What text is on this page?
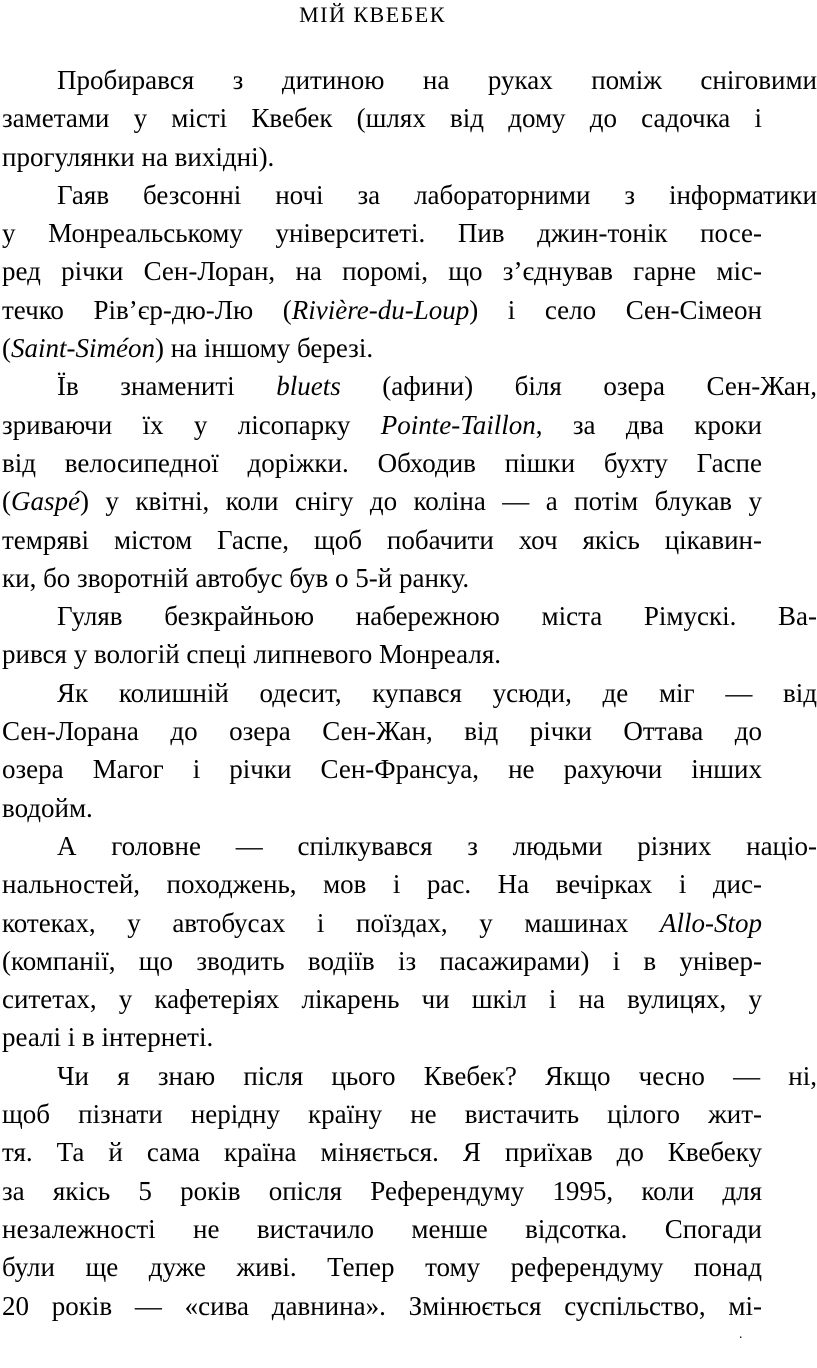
МІЙ КВЕБЕК
Пробирався з дитиною на руках поміж сніговими
заметами у місті Квебек (шлях від дому до садочка і
прогулянки на вихідні).
Гаяв безсонні ночі за лабораторними з інформатики
у Монреальському університеті. Пив джин-тонік посе-
ред річки Сен-Лоран, на поромі, що з’єднував гарне міс-
течко Рів’єр-дю-Лю (Rivière-du-Loup) і село Сен-Сімеон
(Saint-Siméon) на іншому березі.
Їв знамениті bluets (афини) біля озера Сен-Жан,
зриваючи їх у лісопарку Pointe-Taillon, за два кроки
від велосипедної доріжки. Обходив пішки бухту Гаспе
(Gaspé) у квітні, коли снігу до коліна — а потім блукав у
темряві містом Гаспе, щоб побачити хоч якісь цікавин-
ки, бо зворотній автобус був о 5-й ранку.
Гуляв безкрайньою набережною міста Рімускі. Ва-
рився у вологій спеці липневого Монреаля.
Як колишній одесит, купався усюди, де міг — від
Сен-Лорана до озера Сен-Жан, від річки Оттава до
озера Магог і річки Сен-Франсуа, не рахуючи інших
водойм.
А головне — спілкувався з людьми різних націо-
нальностей, походжень, мов і рас. На вечірках і дис-
котеках, у автобусах і поїздах, у машинах Allo-Stop
(компанії, що зводить водіїв із пасажирами) і в універ-
ситетах, у кафетеріях лікарень чи шкіл і на вулицях, у
реалі і в інтернеті.
Чи я знаю після цього Квебек? Якщо чесно — ні,
щоб пізнати нерідну країну не вистачить цілого жит-
тя. Та й сама країна міняється. Я приїхав до Квебеку
за якісь 5 років опісля Референдуму 1995, коли для
незалежності не вистачило менше відсотка. Спогади
були ще дуже живі. Тепер тому референдуму понад
20 років — «сива давнина». Змінюється суспільство, мі-
·
